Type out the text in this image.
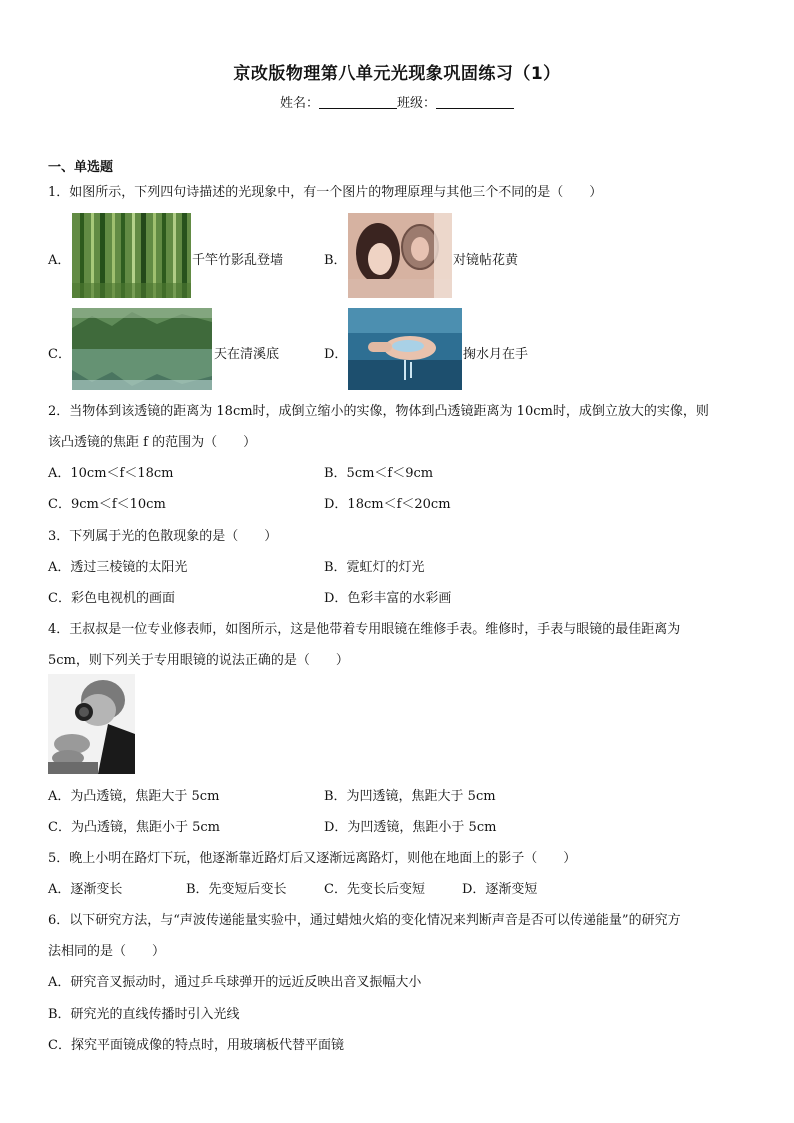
京改版物理第八单元光现象巩固练习（1）
姓名：	班级：
一、单选题
1．如图所示，下列四句诗描述的光现象中，有一个图片的物理原理与其他三个不同的是（　　）
A．	千竿竹影乱登墙	B．	对镜帖花黄
C．	天在清溪底	D．	掬水月在手
2．当物体到该透镜的距离为 18cm时，成倒立缩小的实像，物体到凸透镜距离为 10cm时，成倒立放大的实像，则
该凸透镜的焦距 f 的范围为（　　）
A．10cm＜f＜18cm	B．5cm＜f＜9cm
C．9cm＜f＜10cm	D．18cm＜f＜20cm
3．下列属于光的色散现象的是（　　）
A．透过三棱镜的太阳光	B．霓虹灯的灯光
C．彩色电视机的画面	D．色彩丰富的水彩画
4．王叔叔是一位专业修表师，如图所示，这是他带着专用眼镜在维修手表。维修时，手表与眼镜的最佳距离为
5cm，则下列关于专用眼镜的说法正确的是（　　）
A．为凸透镜，焦距大于 5cm	B．为凹透镜，焦距大于 5cm
C．为凸透镜，焦距小于 5cm	D．为凹透镜，焦距小于 5cm
5．晚上小明在路灯下玩，他逐渐靠近路灯后又逐渐远离路灯，则他在地面上的影子（　　）
A．逐渐变长	B．先变短后变长	C．先变长后变短	D．逐渐变短
6．以下研究方法，与“声波传递能量实验中，通过蜡烛火焰的变化情况来判断声音是否可以传递能量”的研究方
法相同的是（　　）
A．研究音叉振动时，通过乒乓球弹开的远近反映出音叉振幅大小
B．研究光的直线传播时引入光线
C．探究平面镜成像的特点时，用玻璃板代替平面镜
